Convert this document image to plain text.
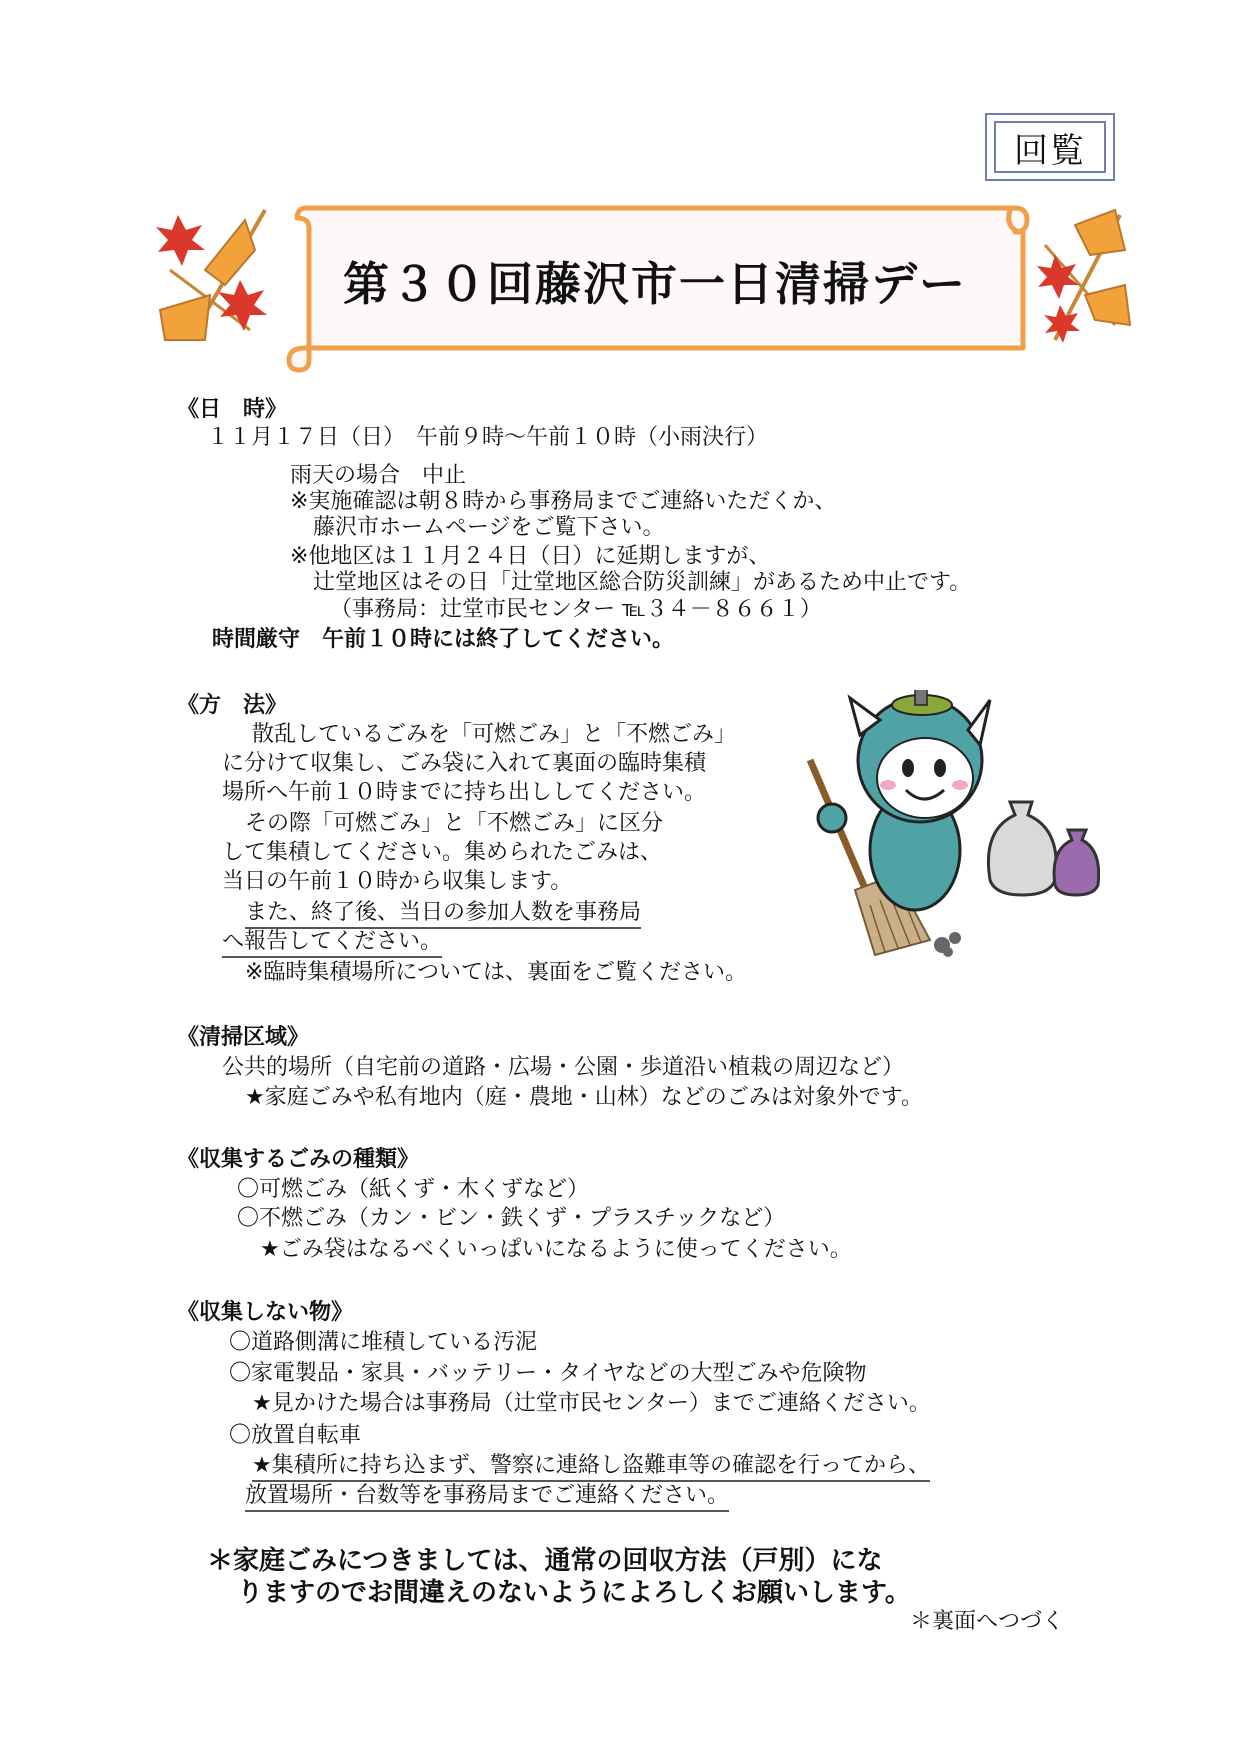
回覧
第３０回藤沢市一日清掃デー
《日　時》
１１月１７日（日）　午前９時～午前１０時（小雨決行）
雨天の場合　中止
※実施確認は朝８時から事務局までご連絡いただくか、
藤沢市ホームページをご覧下さい。
※他地区は１１月２４日（日）に延期しますが、
辻堂地区はその日「辻堂地区総合防災訓練」があるため中止です。
（事務局：辻堂市民センター ℡３４－８６６１）
時間厳守　午前１０時には終了してください。
《方　法》
散乱しているごみを「可燃ごみ」と「不燃ごみ」
に分けて収集し、ごみ袋に入れて裏面の臨時集積
場所へ午前１０時までに持ち出ししてください。
その際「可燃ごみ」と「不燃ごみ」に区分
して集積してください。集められたごみは、
当日の午前１０時から収集します。
また、終了後、当日の参加人数を事務局
へ報告してください。
※臨時集積場所については、裏面をご覧ください。
《清掃区域》
公共的場所（自宅前の道路・広場・公園・歩道沿い植栽の周辺など）
★家庭ごみや私有地内（庭・農地・山林）などのごみは対象外です。
《収集するごみの種類》
〇可燃ごみ（紙くず・木くずなど）
〇不燃ごみ（カン・ビン・鉄くず・プラスチックなど）
★ごみ袋はなるべくいっぱいになるように使ってください。
《収集しない物》
〇道路側溝に堆積している汚泥
〇家電製品・家具・バッテリー・タイヤなどの大型ごみや危険物
★見かけた場合は事務局（辻堂市民センター）までご連絡ください。
〇放置自転車
★集積所に持ち込まず、警察に連絡し盗難車等の確認を行ってから、
放置場所・台数等を事務局までご連絡ください。
＊家庭ごみにつきましては、通常の回収方法（戸別）にな
りますのでお間違えのないようによろしくお願いします。
＊裏面へつづく
